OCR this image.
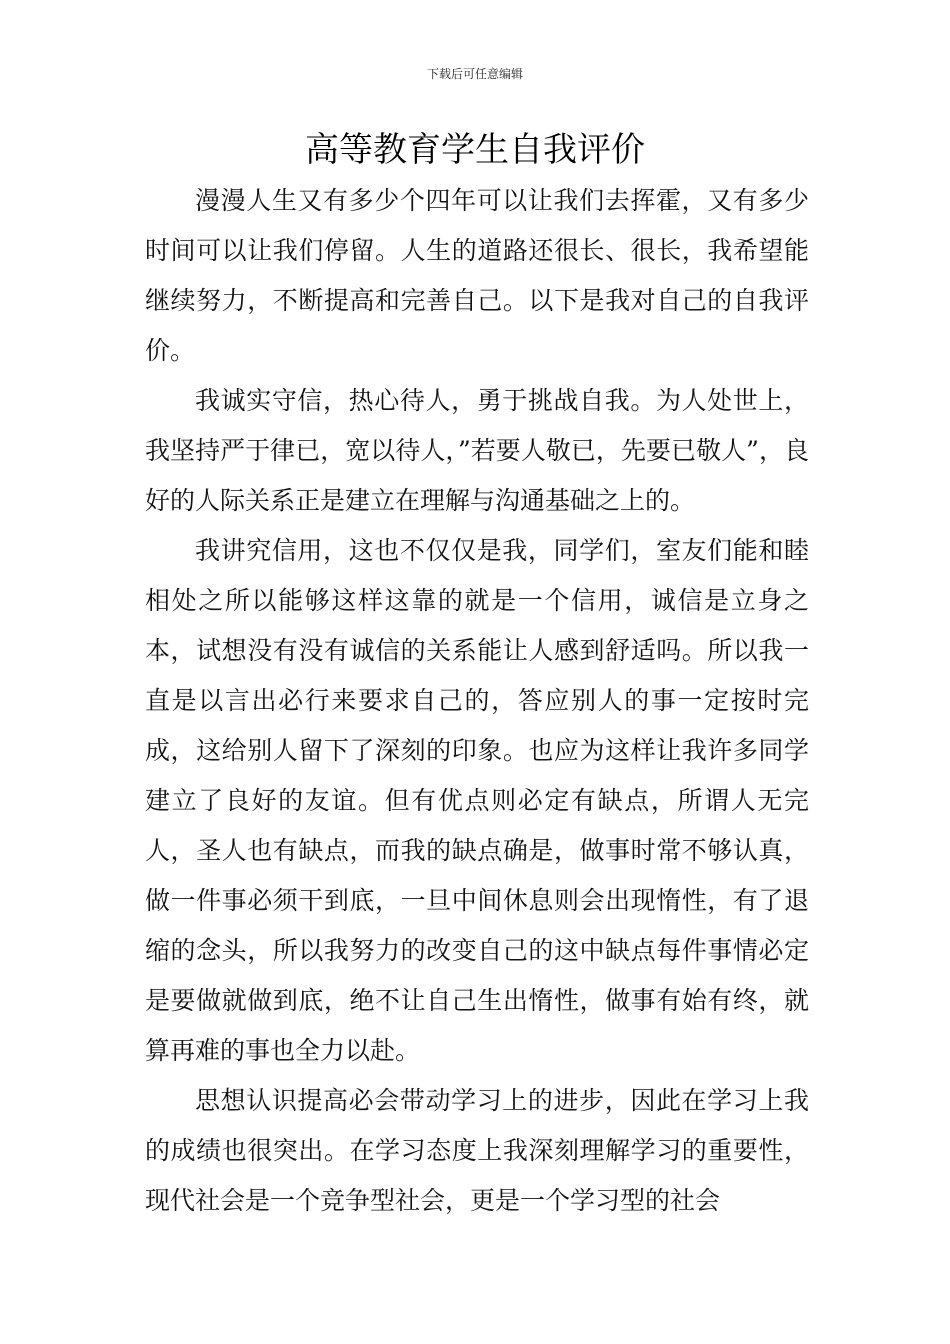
下载后可任意编辑
高等教育学生自我评价

漫漫人生又有多少个四年可以让我们去挥霍，又有多少时间可以让我们停留。人生的道路还很长、很长，我希望能继续努力，不断提高和完善自己。以下是我对自己的自我评价。

我诚实守信，热心待人，勇于挑战自我。为人处世上，我坚持严于律已，宽以待人，”若要人敬已，先要已敬人”，良好的人际关系正是建立在理解与沟通基础之上的。

我讲究信用，这也不仅仅是我，同学们，室友们能和睦相处之所以能够这样这靠的就是一个信用，诚信是立身之本，试想没有没有诚信的关系能让人感到舒适吗。所以我一直是以言出必行来要求自己的，答应别人的事一定按时完成，这给别人留下了深刻的印象。也应为这样让我许多同学建立了良好的友谊。但有优点则必定有缺点，所谓人无完人，圣人也有缺点，而我的缺点确是，做事时常不够认真，做一件事必须干到底，一旦中间休息则会出现惰性，有了退缩的念头，所以我努力的改变自己的这中缺点每件事情必定是要做就做到底，绝不让自己生出惰性，做事有始有终，就算再难的事也全力以赴。

思想认识提高必会带动学习上的进步，因此在学习上我的成绩也很突出。在学习态度上我深刻理解学习的重要性，现代社会是一个竞争型社会，更是一个学习型的社会
